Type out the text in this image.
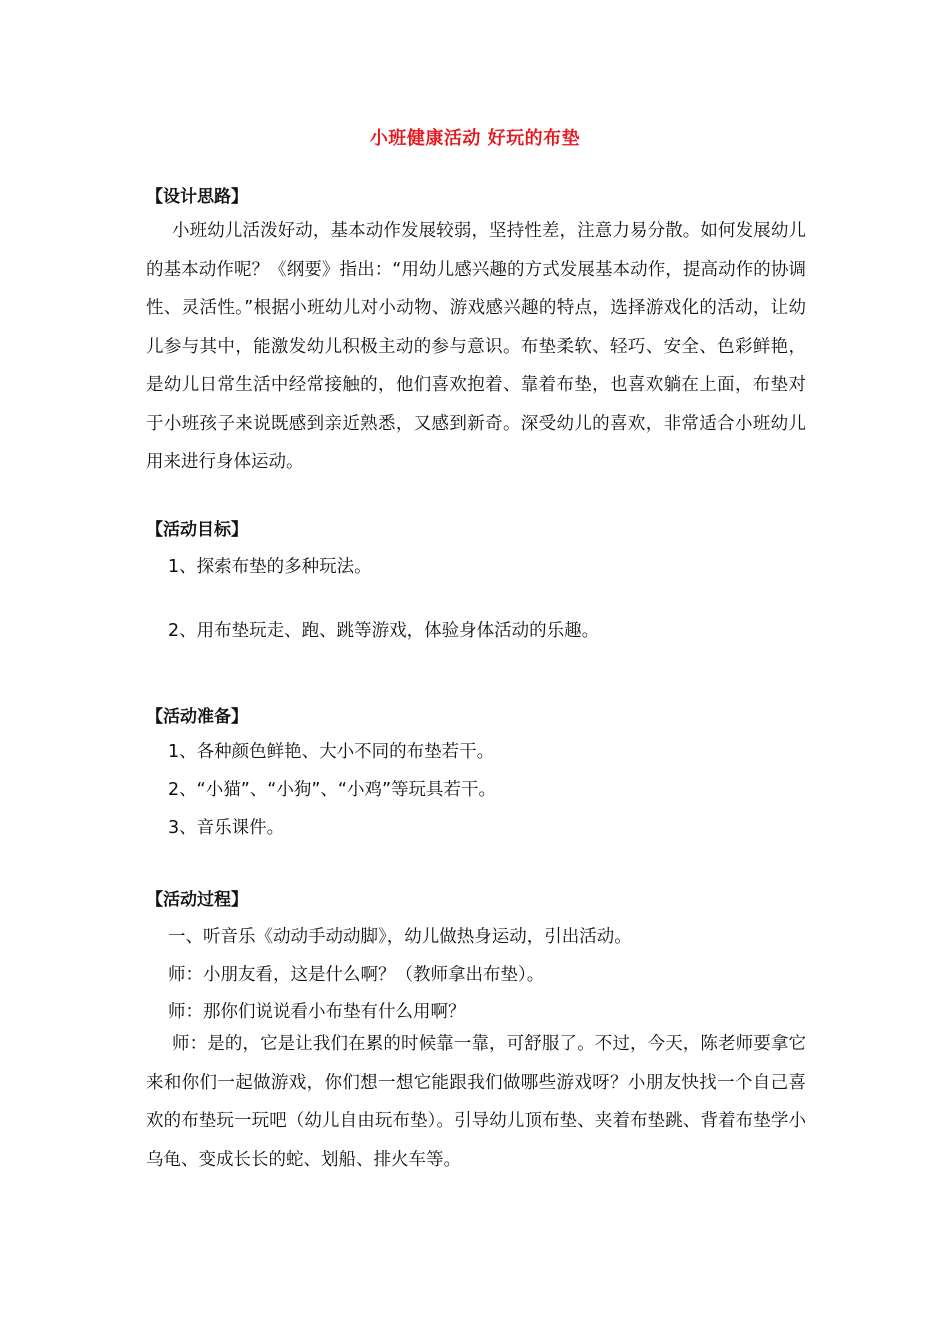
小班健康活动 好玩的布垫
【设计思路】
小班幼儿活泼好动，基本动作发展较弱，坚持性差，注意力易分散。如何发展幼儿的基本动作呢？《纲要》指出：“用幼儿感兴趣的方式发展基本动作，提高动作的协调性、灵活性。”根据小班幼儿对小动物、游戏感兴趣的特点，选择游戏化的活动，让幼儿参与其中，能激发幼儿积极主动的参与意识。布垫柔软、轻巧、安全、色彩鲜艳，是幼儿日常生活中经常接触的，他们喜欢抱着、靠着布垫，也喜欢躺在上面，布垫对于小班孩子来说既感到亲近熟悉，又感到新奇。深受幼儿的喜欢，非常适合小班幼儿用来进行身体运动。
【活动目标】
1、探索布垫的多种玩法。
2、用布垫玩走、跑、跳等游戏，体验身体活动的乐趣。
【活动准备】
1、各种颜色鲜艳、大小不同的布垫若干。
2、“小猫”、“小狗”、“小鸡”等玩具若干。
3、音乐课件。
【活动过程】
一、听音乐《动动手动动脚》，幼儿做热身运动，引出活动。
师：小朋友看，这是什么啊？（教师拿出布垫）。
师：那你们说说看小布垫有什么用啊？
师：是的，它是让我们在累的时候靠一靠，可舒服了。不过，今天，陈老师要拿它来和你们一起做游戏，你们想一想它能跟我们做哪些游戏呀？小朋友快找一个自己喜欢的布垫玩一玩吧（幼儿自由玩布垫）。引导幼儿顶布垫、夹着布垫跳、背着布垫学小乌龟、变成长长的蛇、划船、排火车等。
